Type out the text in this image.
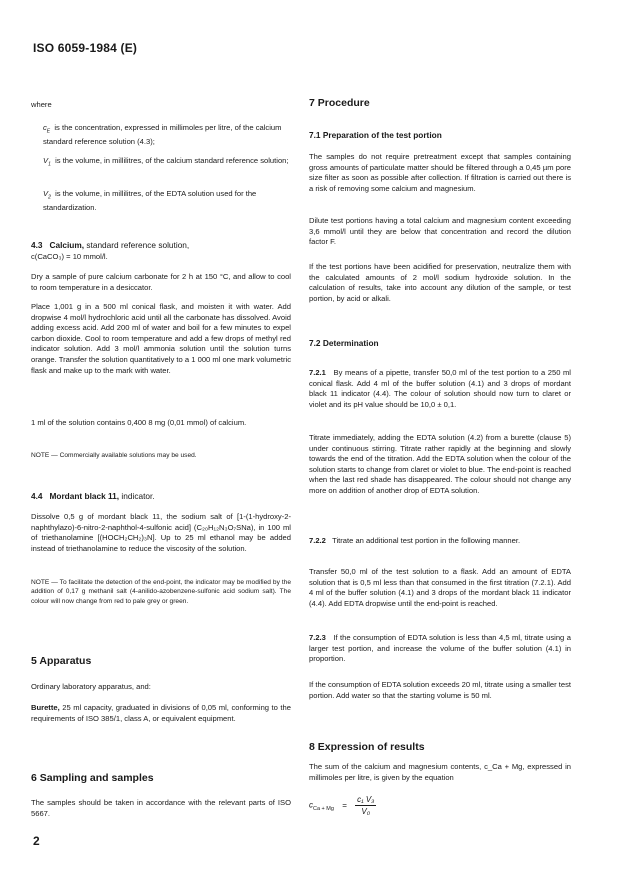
ISO 6059-1984 (E)

where

$c_E$ is the concentration, expressed in millimoles per litre, of the calcium standard reference solution (4.3);
$V_1$ is the volume, in millilitres, of the calcium standard reference solution;
$V_2$ is the volume, in millilitres, of the EDTA solution used for the standardization.
4.3 Calcium, standard reference solution,

c(CaCO₃) = 10 mmol/l.

Dry a sample of pure calcium carbonate for 2 h at 150 °C, and allow to cool to room temperature in a desiccator.

Place 1,001 g in a 500 ml conical flask, and moisten it with water. Add dropwise 4 mol/l hydrochloric acid until all the carbonate has dissolved. Avoid adding excess acid. Add 200 ml of water and boil for a few minutes to expel carbon dioxide. Cool to room temperature and add a few drops of methyl red indicator solution. Add 3 mol/l ammonia solution until the solution turns orange. Transfer the solution quantitatively to a 1 000 ml one mark volumetric flask and make up to the mark with water.

1 ml of the solution contains 0,400 8 mg (0,01 mmol) of calcium.

NOTE — Commercially available solutions may be used.

4.4 Mordant black 11, indicator.

Dissolve 0,5 g of mordant black 11, the sodium salt of [1-(1-hydroxy-2-naphthylazo)-6-nitro-2-naphthol-4-sulfonic acid] (C₂₀H₁₂N₃O₇SNa), in 100 ml of triethanolamine [(HOCH₂CH₂)₃N]. Up to 25 ml ethanol may be added instead of triethanolamine to reduce the viscosity of the solution.

NOTE — To facilitate the detection of the end-point, the indicator may be modified by the addition of 0,17 g methanil salt (4-anilido-azobenzene-sulfonic acid sodium salt). The colour will now change from red to pale grey or green.

5 Apparatus

Ordinary laboratory apparatus, and:

Burette, 25 ml capacity, graduated in divisions of 0,05 ml, conforming to the requirements of ISO 385/1, class A, or equivalent equipment.

6 Sampling and samples

The samples should be taken in accordance with the relevant parts of ISO 5667.

7 Procedure
7.1 Preparation of the test portion

The samples do not require pretreatment except that samples containing gross amounts of particulate matter should be filtered through a 0,45 µm pore size filter as soon as possible after collection. If filtration is carried out there is a risk of removing some calcium and magnesium.

Dilute test portions having a total calcium and magnesium content exceeding 3,6 mmol/l until they are below that concentration and record the dilution factor F.

If the test portions have been acidified for preservation, neutralize them with the calculated amounts of 2 mol/l sodium hydroxide solution. In the calculation of results, take into account any dilution of the sample, or test portion, by acid or alkali.

7.2 Determination

7.2.1 By means of a pipette, transfer 50,0 ml of the test portion to a 250 ml conical flask. Add 4 ml of the buffer solution (4.1) and 3 drops of mordant black 11 indicator (4.4). The colour of solution should now turn to claret or violet and its pH value should be 10,0 ± 0,1.

Titrate immediately, adding the EDTA solution (4.2) from a burette (clause 5) under continuous stirring. Titrate rather rapidly at the beginning and slowly towards the end of the titration. Add the EDTA solution when the colour of the solution starts to change from claret or violet to blue. The end-point is reached when the last red shade has disappeared. The colour should not change any more on addition of another drop of EDTA solution.

7.2.2 Titrate an additional test portion in the following manner.

Transfer 50,0 ml of the test solution to a flask. Add an amount of EDTA solution that is 0,5 ml less than that consumed in the first titration (7.2.1). Add 4 ml of the buffer solution (4.1) and 3 drops of the mordant black 11 indicator (4.4). Add EDTA dropwise until the end-point is reached.

7.2.3 If the consumption of EDTA solution is less than 4,5 ml, titrate using a larger test portion, and increase the volume of the buffer solution (4.1) in proportion.

If the consumption of EDTA solution exceeds 20 ml, titrate using a smaller test portion. Add water so that the starting volume is 50 ml.

8 Expression of results

The sum of the calcium and magnesium contents, c_Ca + Mg, expressed in millimoles per litre, is given by the equation

$c_{Ca + Mg} = \frac{\text{c₁ V₃}}{\text{V₀}}$
2
